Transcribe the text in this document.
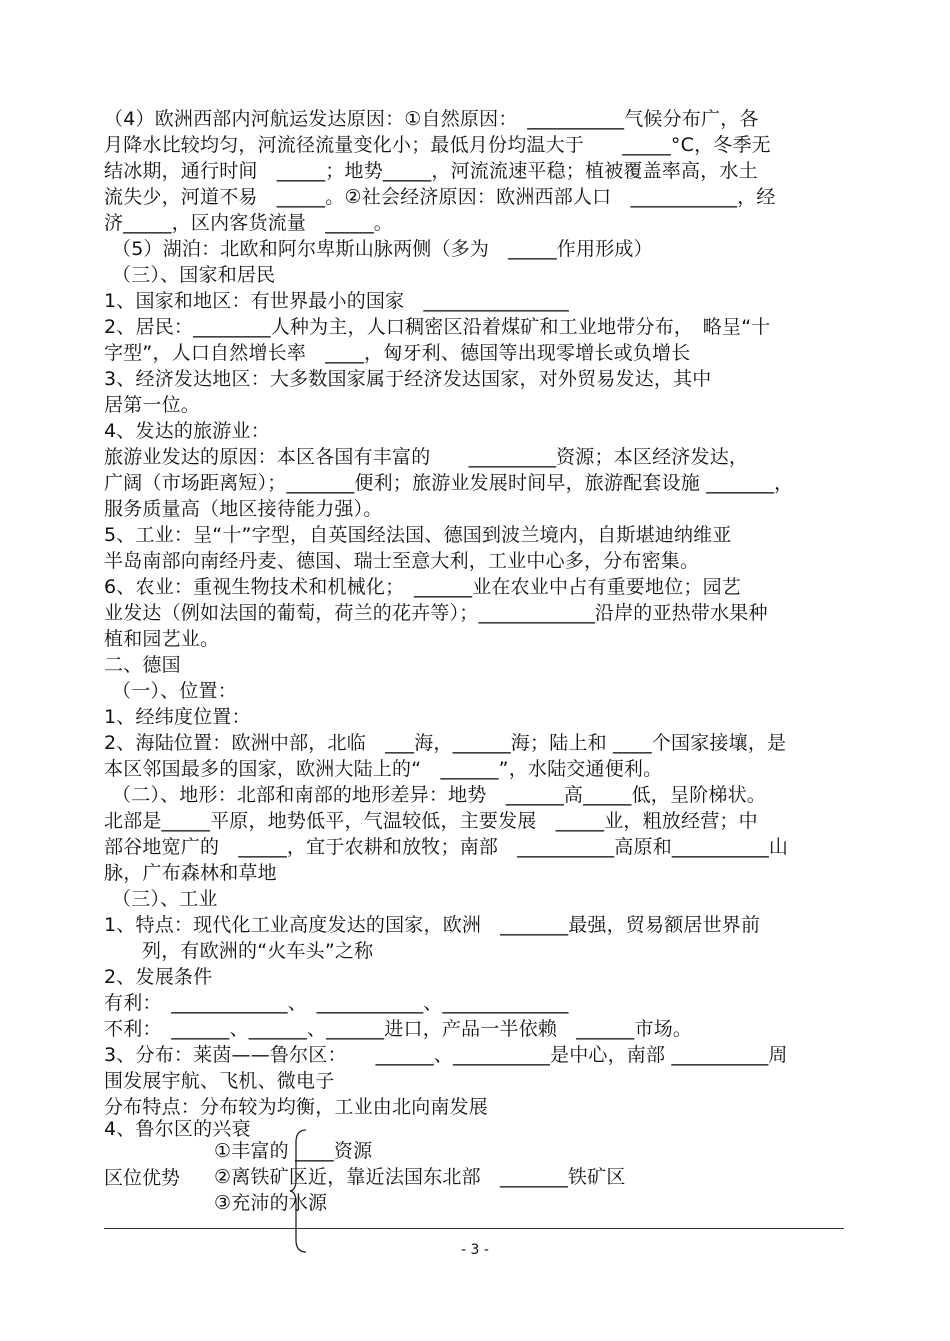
（4）欧洲西部内河航运发达原因：①自然原因：　__________气候分布广，各
月降水比较均匀，河流径流量变化小；最低月份均温大于　　_____°C，冬季无
结冰期，通行时间　_____；地势_____，河流流速平稳；植被覆盖率高，水土
流失少，河道不易　_____。②社会经济原因：欧洲西部人口　___________，经
济_____，区内客货流量　_____。
（5）湖泊：北欧和阿尔卑斯山脉两侧（多为　_____作用形成）
（三）、国家和居民
1、国家和地区：有世界最小的国家　_______________
2、居民：________人种为主，人口稠密区沿着煤矿和工业地带分布，　略呈“十
字型”，人口自然增长率　____，匈牙利、德国等出现零增长或负增长
3、经济发达地区：大多数国家属于经济发达国家，对外贸易发达，其中
居第一位。
4、发达的旅游业：
旅游业发达的原因：本区各国有丰富的　　_________资源；本区经济发达，
广阔（市场距离短）；_______便利；旅游业发展时间早，旅游配套设施 _______，
服务质量高（地区接待能力强）。
5、工业：呈“十”字型，自英国经法国、德国到波兰境内，自斯堪迪纳维亚
半岛南部向南经丹麦、德国、瑞士至意大利，工业中心多，分布密集。
6、农业：重视生物技术和机械化；　______业在农业中占有重要地位；园艺
业发达（例如法国的葡萄，荷兰的花卉等）；____________沿岸的亚热带水果种
植和园艺业。
二、德国
（一）、位置：
1、经纬度位置：
2、海陆位置：欧洲中部，北临　___海，______海；陆上和 ____个国家接壤，是
本区邻国最多的国家，欧洲大陆上的“　______”，水陆交通便利。
（二）、地形：北部和南部的地形差异：地势　______高_____低，呈阶梯状。
北部是_____平原，地势低平，气温较低，主要发展　_____业，粗放经营；中
部谷地宽广的　_____，宜于农耕和放牧；南部　__________高原和__________山
脉，广布森林和草地
（三）、工业
1、特点：现代化工业高度发达的国家，欧洲　_______最强，贸易额居世界前
列，有欧洲的“火车头”之称
2、发展条件
有利：　____________、　___________、_____________
不利：　______、______、______进口，产品一半依赖　______市场。
3、分布：莱茵——鲁尔区：　　______、__________是中心，南部 __________周
围发展宇航、飞机、微电子
分布特点：分布较为均衡，工业由北向南发展
4、鲁尔区的兴衰
区位优势
①丰富的 ____资源
②离铁矿区近，靠近法国东北部　_______铁矿区
③充沛的水源
- 3 -
